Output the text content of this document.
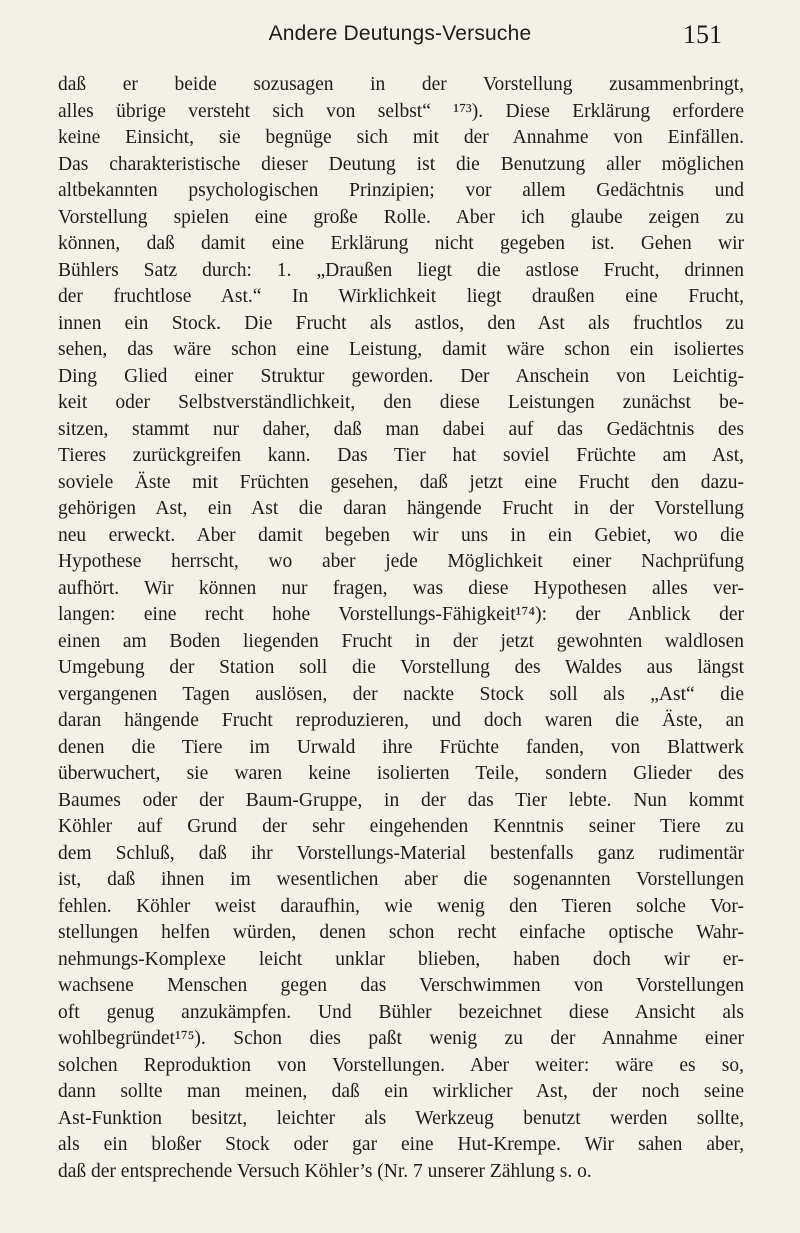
Andere Deutungs-Versuche	151
daß er beide sozusagen in der Vorstellung zusammenbringt,
alles übrige versteht sich von selbst“ ¹⁷³). Diese Erklärung erfordere
keine Einsicht, sie begnüge sich mit der Annahme von Einfällen.
Das charakteristische dieser Deutung ist die Benutzung aller möglichen
altbekannten psychologischen Prinzipien; vor allem Gedächtnis und
Vorstellung spielen eine große Rolle. Aber ich glaube zeigen zu
können, daß damit eine Erklärung nicht gegeben ist. Gehen wir
Bühlers Satz durch: 1. „Draußen liegt die astlose Frucht, drinnen
der fruchtlose Ast.“ In Wirklichkeit liegt draußen eine Frucht,
innen ein Stock. Die Frucht als astlos, den Ast als fruchtlos zu
sehen, das wäre schon eine Leistung, damit wäre schon ein isoliertes
Ding Glied einer Struktur geworden. Der Anschein von Leichtig-
keit oder Selbstverständlichkeit, den diese Leistungen zunächst be-
sitzen, stammt nur daher, daß man dabei auf das Gedächtnis des
Tieres zurückgreifen kann. Das Tier hat soviel Früchte am Ast,
soviele Äste mit Früchten gesehen, daß jetzt eine Frucht den dazu-
gehörigen Ast, ein Ast die daran hängende Frucht in der Vorstellung
neu erweckt. Aber damit begeben wir uns in ein Gebiet, wo die
Hypothese herrscht, wo aber jede Möglichkeit einer Nachprüfung
aufhört. Wir können nur fragen, was diese Hypothesen alles ver-
langen: eine recht hohe Vorstellungs-Fähigkeit¹⁷⁴): der Anblick der
einen am Boden liegenden Frucht in der jetzt gewohnten waldlosen
Umgebung der Station soll die Vorstellung des Waldes aus längst
vergangenen Tagen auslösen, der nackte Stock soll als „Ast“ die
daran hängende Frucht reproduzieren, und doch waren die Äste, an
denen die Tiere im Urwald ihre Früchte fanden, von Blattwerk
überwuchert, sie waren keine isolierten Teile, sondern Glieder des
Baumes oder der Baum-Gruppe, in der das Tier lebte. Nun kommt
Köhler auf Grund der sehr eingehenden Kenntnis seiner Tiere zu
dem Schluß, daß ihr Vorstellungs-Material bestenfalls ganz rudimentär
ist, daß ihnen im wesentlichen aber die sogenannten Vorstellungen
fehlen. Köhler weist daraufhin, wie wenig den Tieren solche Vor-
stellungen helfen würden, denen schon recht einfache optische Wahr-
nehmungs-Komplexe leicht unklar blieben, haben doch wir er-
wachsene Menschen gegen das Verschwimmen von Vorstellungen
oft genug anzukämpfen. Und Bühler bezeichnet diese Ansicht als
wohlbegründet¹⁷⁵). Schon dies paßt wenig zu der Annahme einer
solchen Reproduktion von Vorstellungen. Aber weiter: wäre es so,
dann sollte man meinen, daß ein wirklicher Ast, der noch seine
Ast-Funktion besitzt, leichter als Werkzeug benutzt werden sollte,
als ein bloßer Stock oder gar eine Hut-Krempe. Wir sahen aber,
daß der entsprechende Versuch Köhler’s (Nr. 7 unserer Zählung s. o.
